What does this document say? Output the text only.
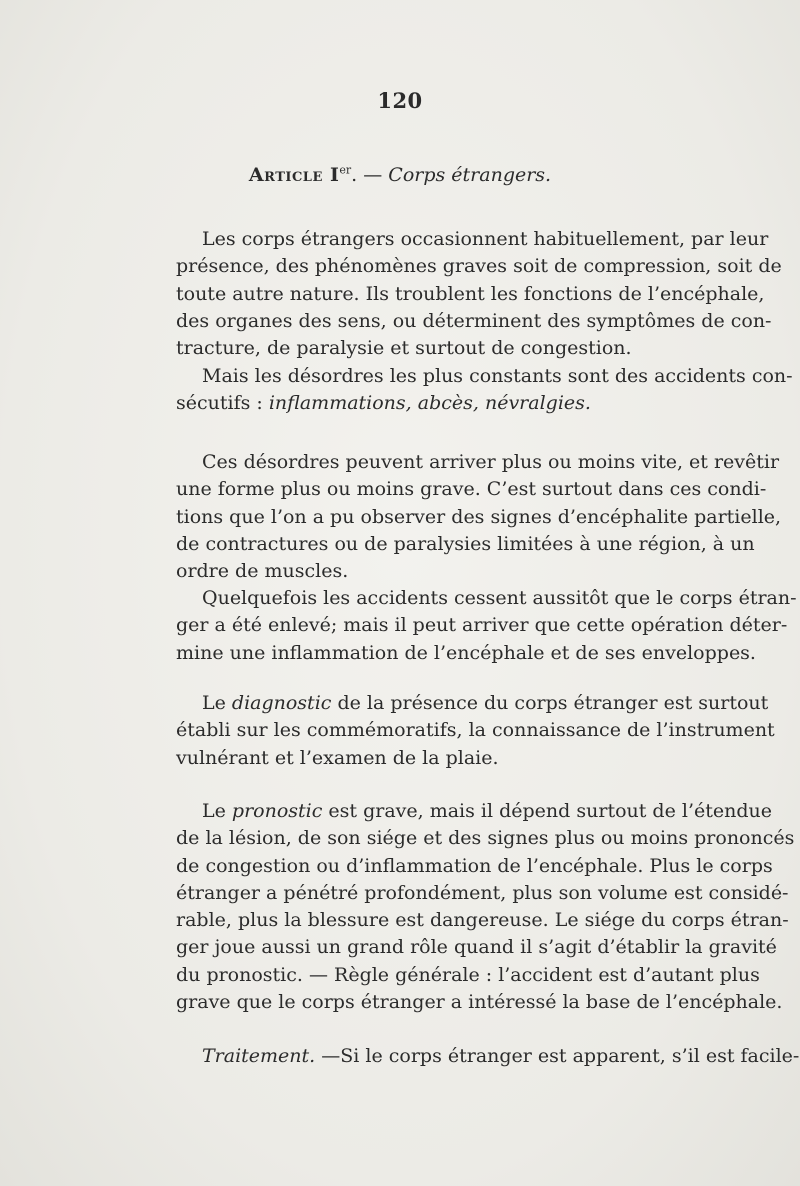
120
Article Ier. — Corps étrangers.
Les corps étrangers occasionnent habituellement, par leur
présence, des phénomènes graves soit de compression, soit de
toute autre nature. Ils troublent les fonctions de l’encéphale,
des organes des sens, ou déterminent des symptômes de con-
tracture, de paralysie et surtout de congestion.
Mais les désordres les plus constants sont des accidents con-
sécutifs : inflammations, abcès, névralgies.
Ces désordres peuvent arriver plus ou moins vite, et revêtir
une forme plus ou moins grave. C’est surtout dans ces condi-
tions que l’on a pu observer des signes d’encéphalite partielle,
de contractures ou de paralysies limitées à une région, à un
ordre de muscles.
Quelquefois les accidents cessent aussitôt que le corps étran-
ger a été enlevé; mais il peut arriver que cette opération déter-
mine une inflammation de l’encéphale et de ses enveloppes.
Le diagnostic de la présence du corps étranger est surtout
établi sur les commémoratifs, la connaissance de l’instrument
vulnérant et l’examen de la plaie.
Le pronostic est grave, mais il dépend surtout de l’étendue
de la lésion, de son siége et des signes plus ou moins prononcés
de congestion ou d’inflammation de l’encéphale. Plus le corps
étranger a pénétré profondément, plus son volume est considé-
rable, plus la blessure est dangereuse. Le siége du corps étran-
ger joue aussi un grand rôle quand il s’agit d’établir la gravité
du pronostic. — Règle générale : l’accident est d’autant plus
grave que le corps étranger a intéressé la base de l’encéphale.
Traitement. —Si le corps étranger est apparent, s’il est facile-
